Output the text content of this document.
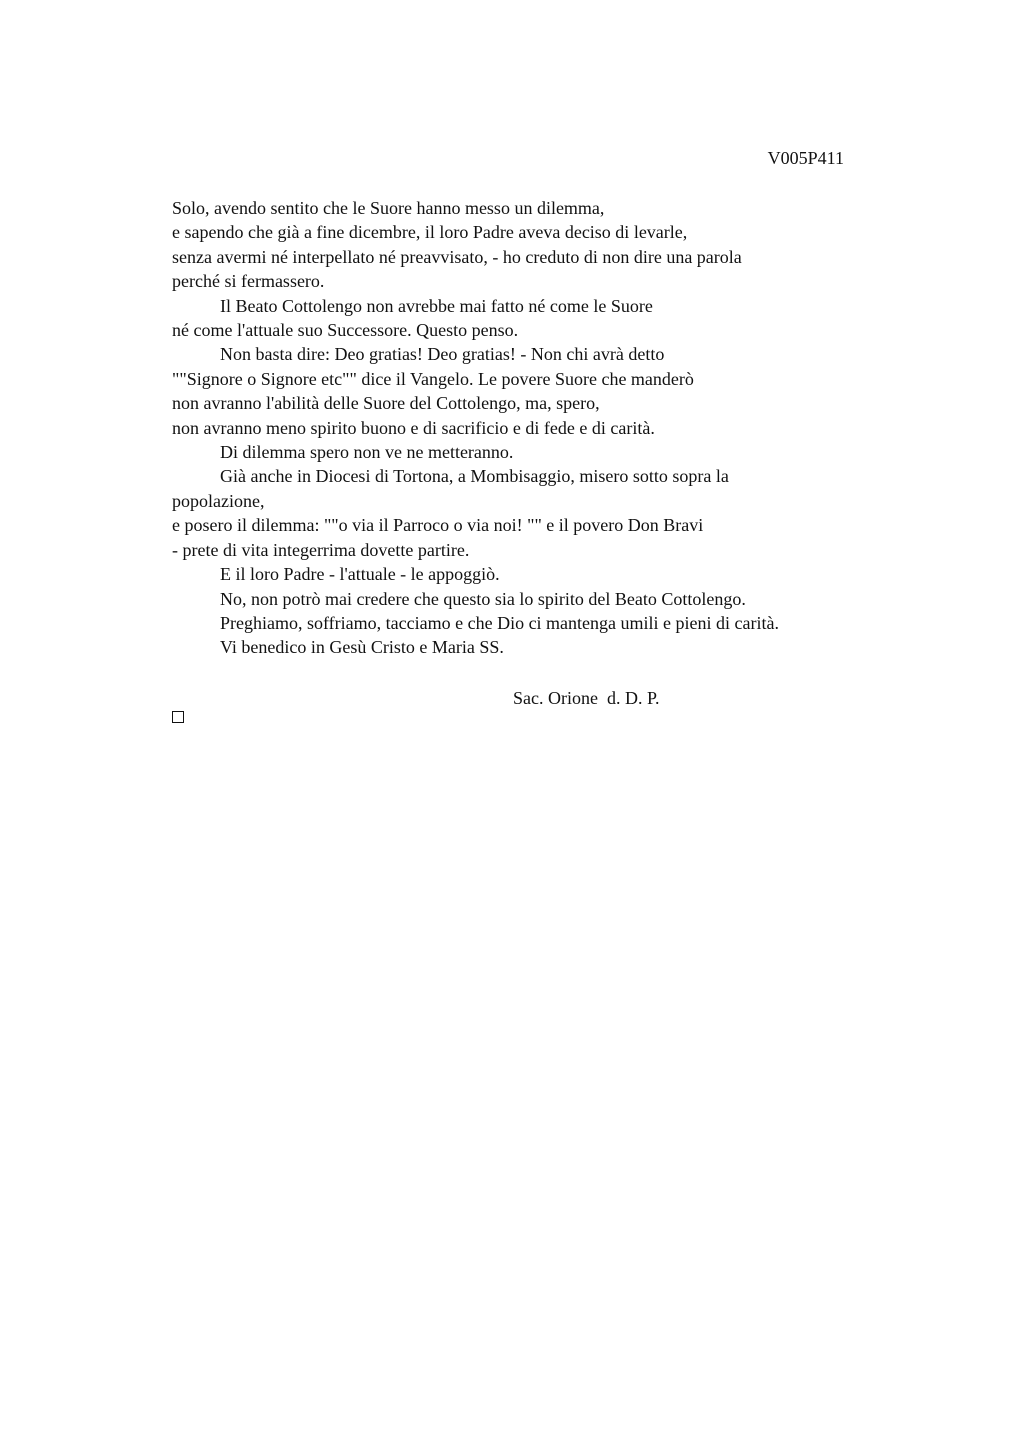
V005P411
Solo, avendo sentito che le Suore hanno messo un dilemma,
e sapendo che già a fine dicembre, il loro Padre aveva deciso di levarle,
senza avermi né interpellato né preavvisato, - ho creduto di non dire una parola
perché si fermassero.
Il Beato Cottolengo non avrebbe mai fatto né come le Suore
né come l'attuale suo Successore. Questo penso.
Non basta dire: Deo gratias! Deo gratias! - Non chi avrà detto
""Signore o Signore etc"" dice il Vangelo. Le povere Suore che manderò
non avranno l'abilità delle Suore del Cottolengo, ma, spero,
non avranno meno spirito buono e di sacrificio e di fede e di carità.
Di dilemma spero non ve ne metteranno.
Già anche in Diocesi di Tortona, a Mombisaggio, misero sotto sopra la
popolazione,
e posero il dilemma: ""o via il Parroco o via noi! "" e il povero Don Bravi
- prete di vita integerrima dovette partire.
E il loro Padre - l'attuale - le appoggiò.
No, non potrò mai credere che questo sia lo spirito del Beato Cottolengo.
Preghiamo, soffriamo, tacciamo e che Dio ci mantenga umili e pieni di carità.
Vi benedico in Gesù Cristo e Maria SS.
Sac. Orione  d. D. P.
